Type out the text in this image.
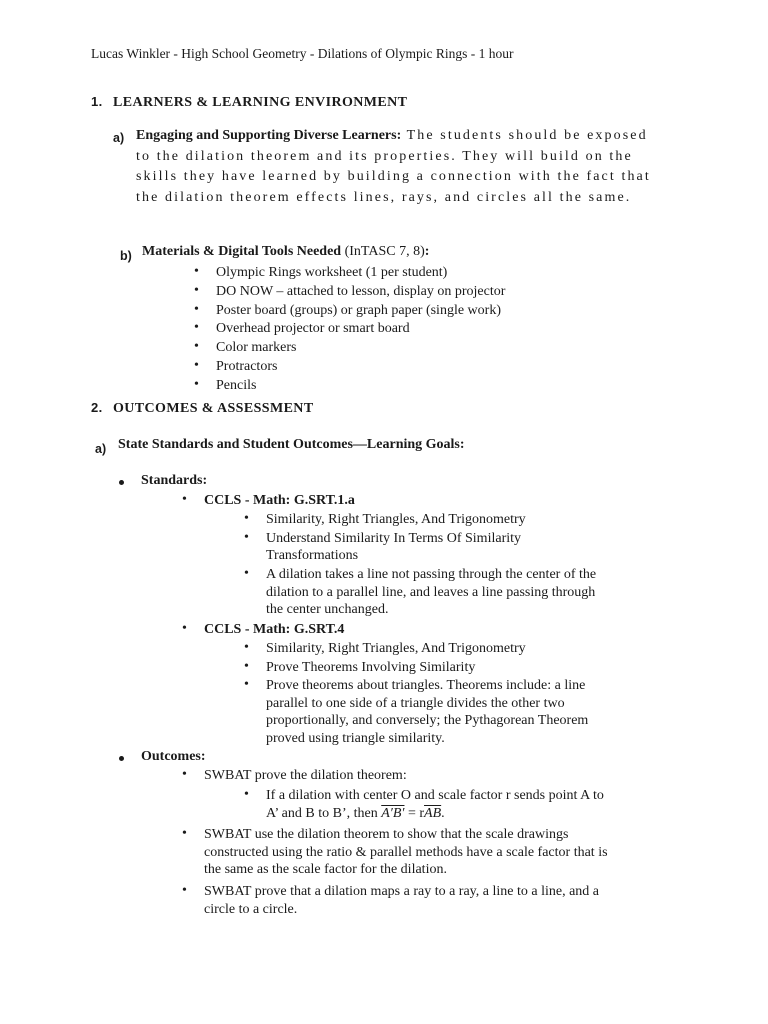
Lucas Winkler - High School Geometry - Dilations of Olympic Rings - 1 hour
1. LEARNERS & LEARNING ENVIRONMENT
a) Engaging and Supporting Diverse Learners: The students should be exposed to the dilation theorem and its properties. They will build on the skills they have learned by building a connection with the fact that the dilation theorem effects lines, rays, and circles all the same.
b) Materials & Digital Tools Needed (InTASC 7, 8):
• Olympic Rings worksheet (1 per student)
• DO NOW – attached to lesson, display on projector
• Poster board (groups) or graph paper (single work)
• Overhead projector or smart board
• Color markers
• Protractors
• Pencils
2. OUTCOMES & ASSESSMENT
a) State Standards and Student Outcomes—Learning Goals:
Standards:
• CCLS - Math: G.SRT.1.a
• Similarity, Right Triangles, And Trigonometry
• Understand Similarity In Terms Of Similarity
Transformations
• A dilation takes a line not passing through the center of the
dilation to a parallel line, and leaves a line passing through
the center unchanged.
• CCLS - Math: G.SRT.4
• Similarity, Right Triangles, And Trigonometry
• Prove Theorems Involving Similarity
• Prove theorems about triangles. Theorems include: a line
parallel to one side of a triangle divides the other two
proportionally, and conversely; the Pythagorean Theorem
proved using triangle similarity.
Outcomes:
• SWBAT prove the dilation theorem:
• If a dilation with center O and scale factor r sends point A to
A’ and B to B’, then $A'B' = r\overline{AB}$.
• SWBAT use the dilation theorem to show that the scale drawings
constructed using the ratio & parallel methods have a scale factor that is
the same as the scale factor for the dilation.
• SWBAT prove that a dilation maps a ray to a ray, a line to a line, and a
circle to a circle.
